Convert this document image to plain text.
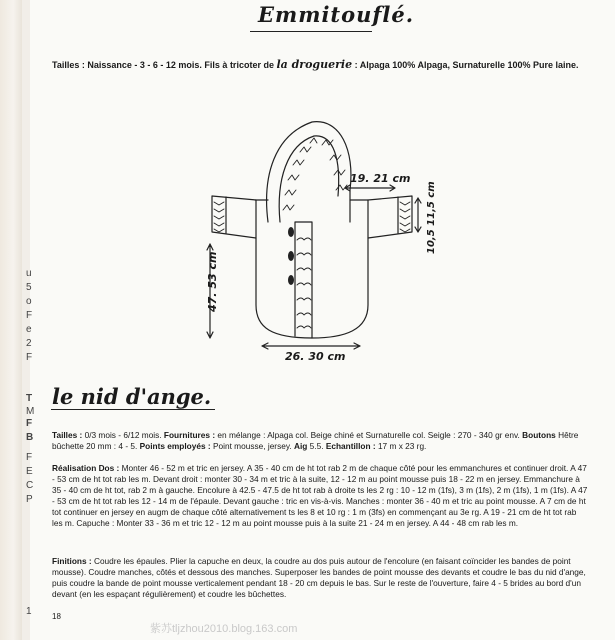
u
5
o
F
e
2
F
T
M
F
B
F
E
C
P
1
Emmitouflé.
Tailles : Naissance - 3 - 6 - 12 mois. Fils à tricoter de la droguerie : Alpaga 100% Alpaga, Surnaturelle 100% Pure laine.
19. 21 cm
47. 53 cm
26. 30 cm
10,5 11,5 cm
le nid d'ange.
Tailles : 0/3 mois - 6/12 mois. Fournitures : en mélange : Alpaga col. Beige chiné et Surnaturelle col. Seigle : 270 - 340 gr env. Boutons Hêtre bûchette 20 mm : 4 - 5. Points employés : Point mousse, jersey. Aig 5.5. Echantillon : 17 m x 23 rg.
Réalisation Dos : Monter 46 - 52 m et tric en jersey. A 35 - 40 cm de ht tot rab 2 m de chaque côté pour les emmanchures et continuer droit. A 47 - 53 cm de ht tot rab les m. Devant droit : monter 30 - 34 m et tric à la suite, 12 - 12 m au point mousse puis 18 - 22 m en jersey. Emmanchure à 35 - 40 cm de ht tot, rab 2 m à gauche. Encolure à 42.5 - 47.5 de ht tot rab à droite ts les 2 rg : 10 - 12 m (1fs), 3 m (1fs), 2 m (1fs), 1 m (1fs). A 47 - 53 cm de ht tot rab les 12 - 14 m de l'épaule. Devant gauche : tric en vis-à-vis. Manches : monter 36 - 40 m et tric au point mousse. A 7 cm de ht tot continuer en jersey en augm de chaque côté alternativement ts les 8 et 10 rg : 1 m (3fs) en commençant au 3e rg. A 19 - 21 cm de ht tot rab les m. Capuche : Monter 33 - 36 m et tric 12 - 12 m au point mousse puis à la suite 21 - 24 m en jersey. A 44 - 48 cm rab les m.
Finitions : Coudre les épaules. Plier la capuche en deux, la coudre au dos puis autour de l'encolure (en faisant coïncider les bandes de point mousse). Coudre manches, côtés et dessous des manches. Superposer les bandes de point mousse des devants et coudre le bas du nid d'ange, puis coudre la bande de point mousse verticalement pendant 18 - 20 cm depuis le bas. Sur le reste de l'ouverture, faire 4 - 5 brides au bord d'un devant (en les espaçant régulièrement) et coudre les bûchettes.
18
紫苏tljzhou2010.blog.163.com
